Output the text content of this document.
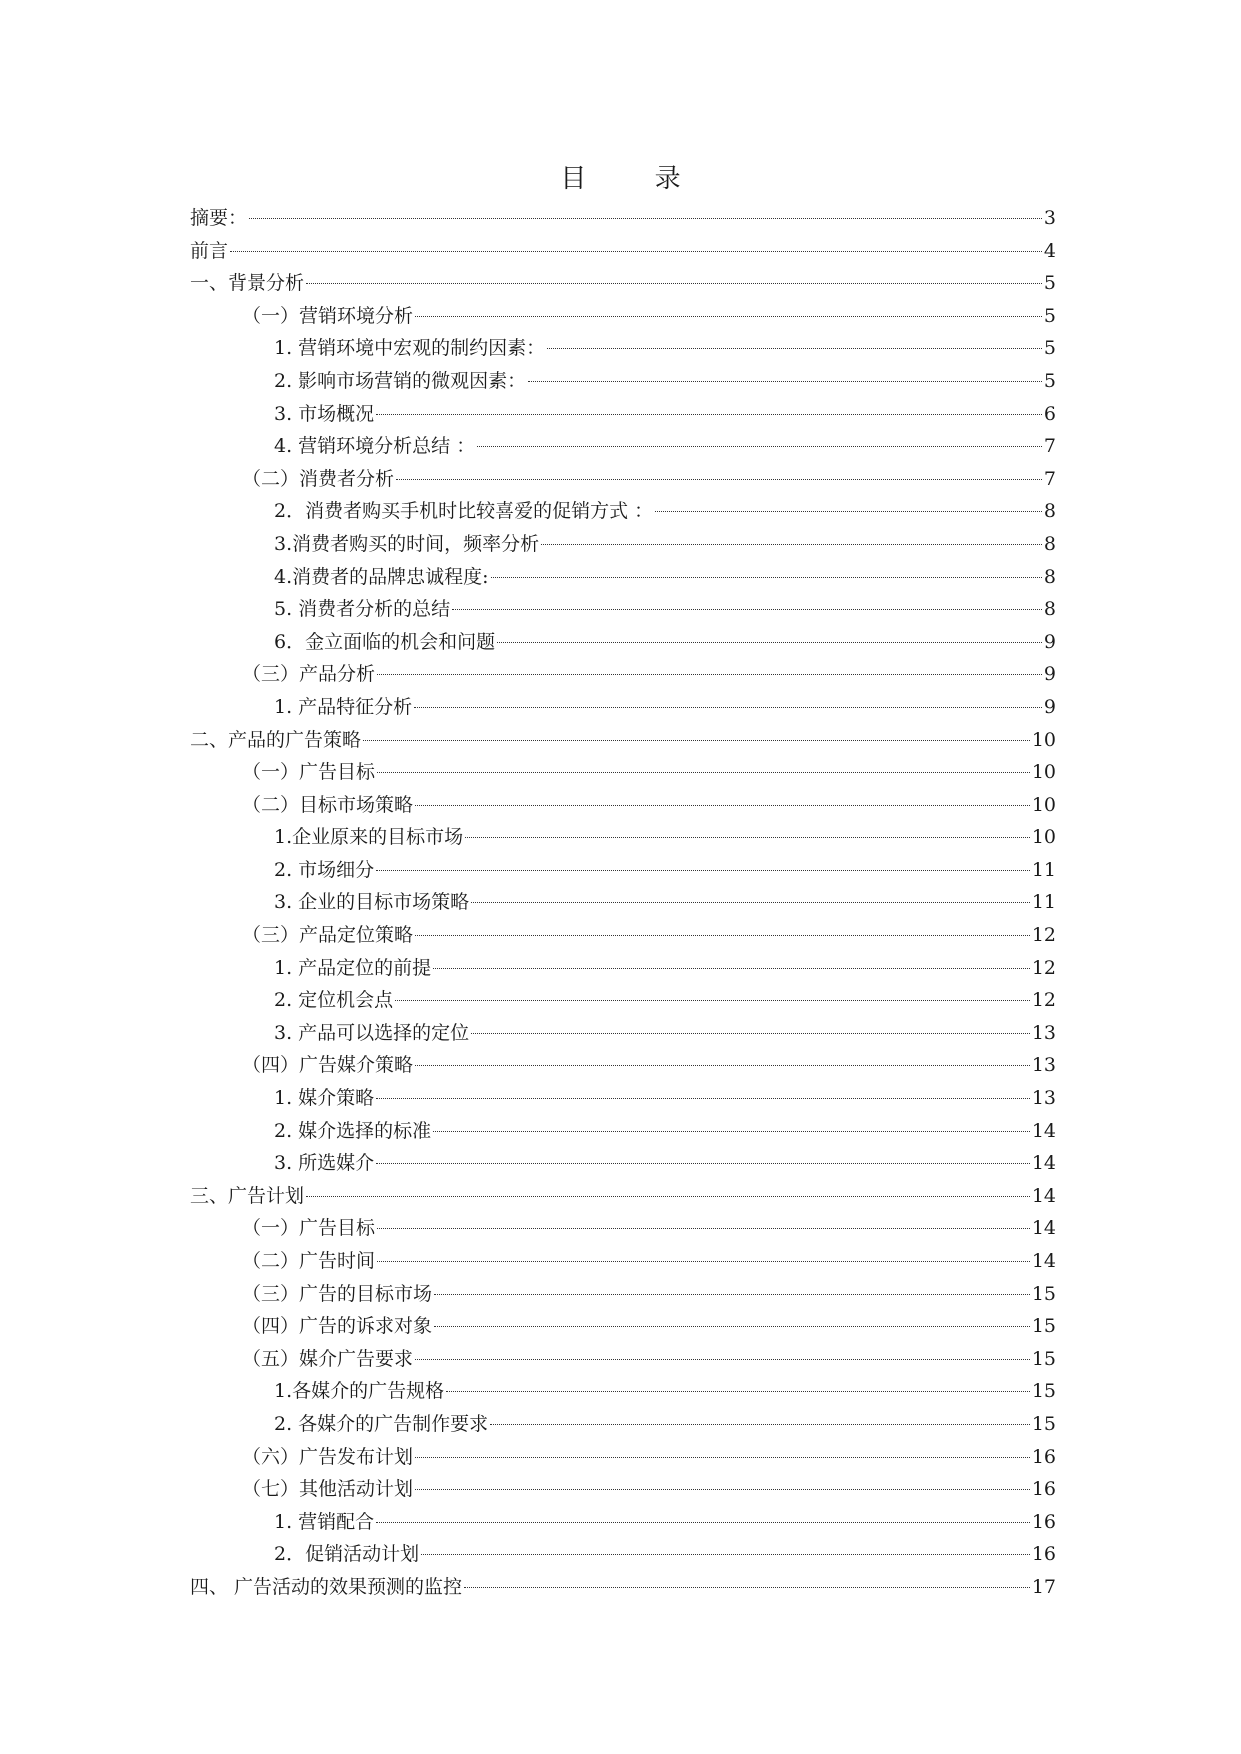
目 录
摘要：	3
前言	4
一、背景分析	5
（一）营销环境分析	5
1. 营销环境中宏观的制约因素：	5
2. 影响市场营销的微观因素：	5
3. 市场概况	6
4. 营销环境分析总结 ：	7
（二）消费者分析	7
2．消费者购买手机时比较喜爱的促销方式 ：	8
3.消费者购买的时间，频率分析	8
4.消费者的品牌忠诚程度:	8
5. 消费者分析的总结	8
6．金立面临的机会和问题	9
（三）产品分析	9
1. 产品特征分析	9
二、产品的广告策略	10
（一）广告目标	10
（二）目标市场策略	10
1.企业原来的目标市场	10
2. 市场细分	11
3. 企业的目标市场策略	11
（三）产品定位策略	12
1. 产品定位的前提	12
2. 定位机会点	12
3. 产品可以选择的定位	13
（四）广告媒介策略	13
1. 媒介策略	13
2. 媒介选择的标准	14
3. 所选媒介	14
三、广告计划	14
（一）广告目标	14
（二）广告时间	14
（三）广告的目标市场	15
（四）广告的诉求对象	15
（五）媒介广告要求	15
1.各媒介的广告规格	15
2. 各媒介的广告制作要求	15
（六）广告发布计划	16
（七）其他活动计划	16
1. 营销配合	16
2．促销活动计划	16
四、 广告活动的效果预测的监控	17
